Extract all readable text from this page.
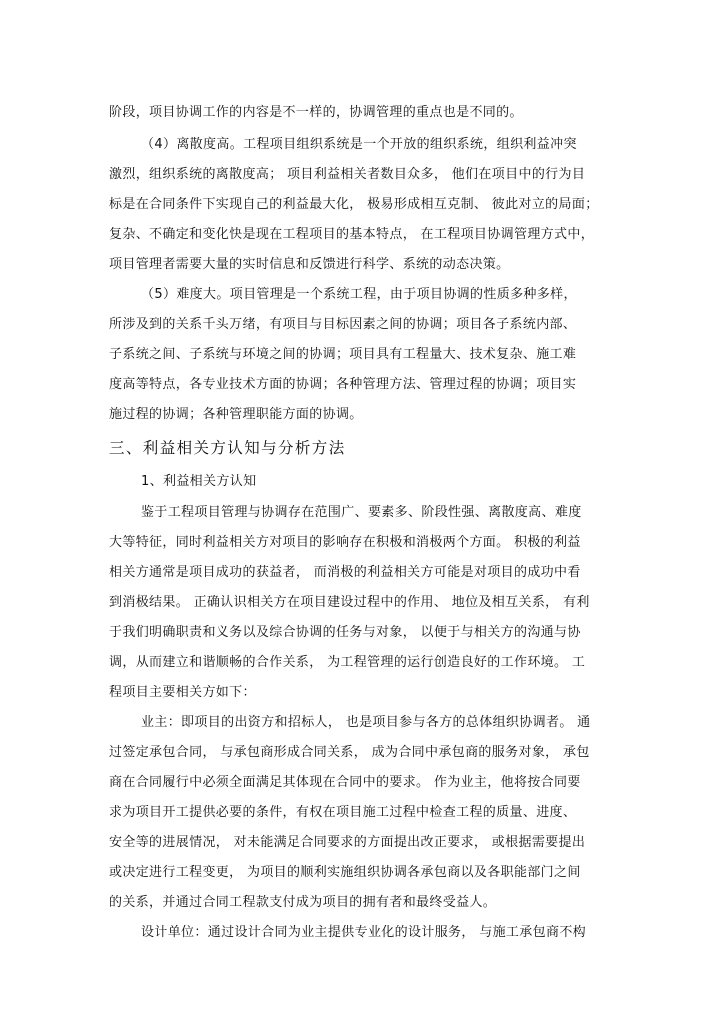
阶段，项目协调工作的内容是不一样的，协调管理的重点也是不同的。
（4）离散度高。工程项目组织系统是一个开放的组织系统，组织利益冲突
激烈，组织系统的离散度高； 项目利益相关者数目众多， 他们在项目中的行为目
标是在合同条件下实现自己的利益最大化， 极易形成相互克制、 彼此对立的局面；
复杂、不确定和变化快是现在工程项目的基本特点， 在工程项目协调管理方式中，
项目管理者需要大量的实时信息和反馈进行科学、系统的动态决策。
（5）难度大。项目管理是一个系统工程，由于项目协调的性质多种多样，
所涉及到的关系千头万绪，有项目与目标因素之间的协调；项目各子系统内部、
子系统之间、子系统与环境之间的协调；项目具有工程量大、技术复杂、施工难
度高等特点，各专业技术方面的协调；各种管理方法、管理过程的协调；项目实
施过程的协调；各种管理职能方面的协调。
三、利益相关方认知与分析方法
1、利益相关方认知
鉴于工程项目管理与协调存在范围广、要素多、阶段性强、离散度高、难度
大等特征，同时利益相关方对项目的影响存在积极和消极两个方面。 积极的利益
相关方通常是项目成功的获益者， 而消极的利益相关方可能是对项目的成功中看
到消极结果。 正确认识相关方在项目建设过程中的作用、 地位及相互关系， 有利
于我们明确职责和义务以及综合协调的任务与对象， 以便于与相关方的沟通与协
调，从而建立和谐顺畅的合作关系， 为工程管理的运行创造良好的工作环境。 工
程项目主要相关方如下：
业主：即项目的出资方和招标人， 也是项目参与各方的总体组织协调者。 通
过签定承包合同， 与承包商形成合同关系， 成为合同中承包商的服务对象， 承包
商在合同履行中必须全面满足其体现在合同中的要求。 作为业主，他将按合同要
求为项目开工提供必要的条件，有权在项目施工过程中检查工程的质量、进度、
安全等的进展情况， 对未能满足合同要求的方面提出改正要求， 或根据需要提出
或决定进行工程变更， 为项目的顺利实施组织协调各承包商以及各职能部门之间
的关系，并通过合同工程款支付成为项目的拥有者和最终受益人。
设计单位：通过设计合同为业主提供专业化的设计服务， 与施工承包商不构
